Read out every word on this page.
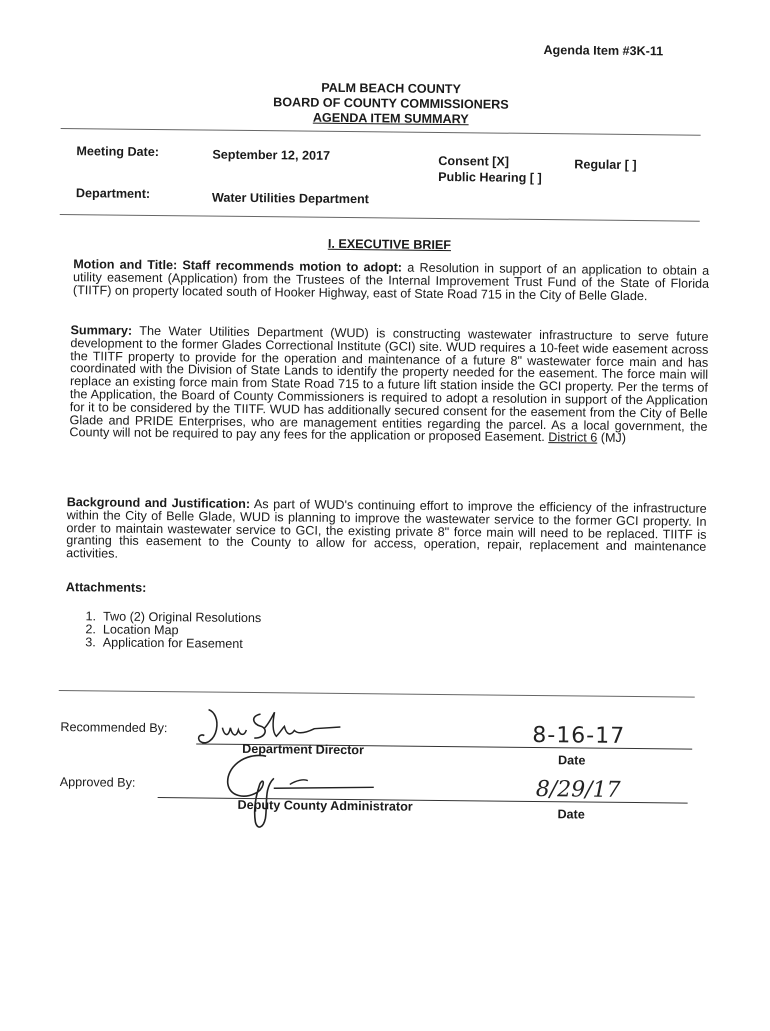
Agenda Item #3K-11
PALM BEACH COUNTY
BOARD OF COUNTY COMMISSIONERS
AGENDA ITEM SUMMARY
Meeting Date:	September 12, 2017	Consent [X]	Regular [ ]
Public Hearing [ ]
Department:	Water Utilities Department
I. EXECUTIVE BRIEF
Motion and Title: Staff recommends motion to adopt: a Resolution in support of an application to obtain a utility easement (Application) from the Trustees of the Internal Improvement Trust Fund of the State of Florida (TIITF) on property located south of Hooker Highway, east of State Road 715 in the City of Belle Glade.
Summary: The Water Utilities Department (WUD) is constructing wastewater infrastructure to serve future development to the former Glades Correctional Institute (GCI) site. WUD requires a 10-feet wide easement across the TIITF property to provide for the operation and maintenance of a future 8" wastewater force main and has coordinated with the Division of State Lands to identify the property needed for the easement. The force main will replace an existing force main from State Road 715 to a future lift station inside the GCI property. Per the terms of the Application, the Board of County Commissioners is required to adopt a resolution in support of the Application for it to be considered by the TIITF. WUD has additionally secured consent for the easement from the City of Belle Glade and PRIDE Enterprises, who are management entities regarding the parcel. As a local government, the County will not be required to pay any fees for the application or proposed Easement. District 6 (MJ)
Background and Justification: As part of WUD's continuing effort to improve the efficiency of the infrastructure within the City of Belle Glade, WUD is planning to improve the wastewater service to the former GCI property. In order to maintain wastewater service to GCI, the existing private 8" force main will need to be replaced. TIITF is granting this easement to the County to allow for access, operation, repair, replacement and maintenance activities.
Attachments:
1.  Two (2) Original Resolutions
2.  Location Map
3.  Application for Easement
Recommended By:
Department Director
8-16-17
Date
Approved By:
Deputy County Administrator
8/29/17
Date
